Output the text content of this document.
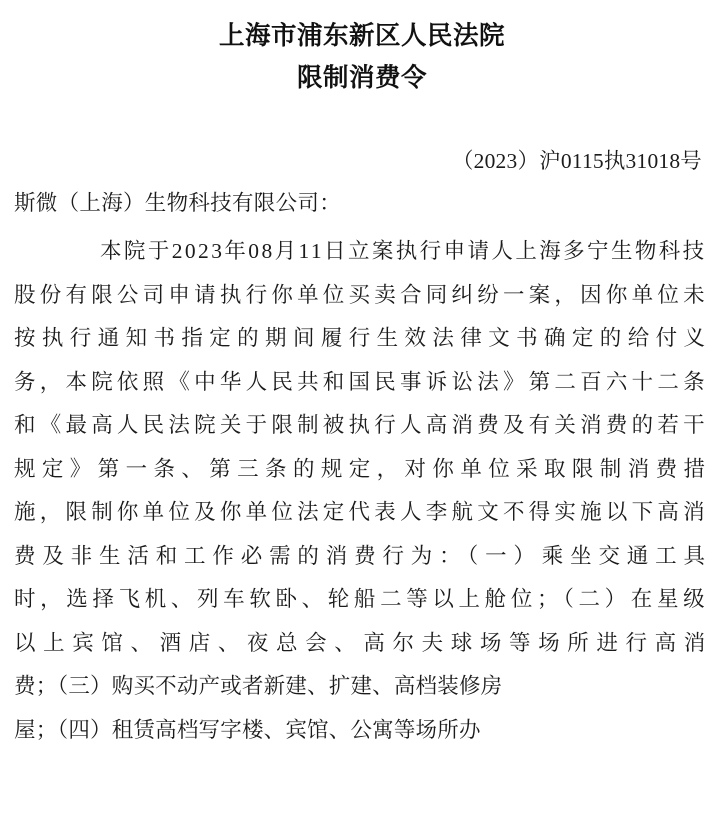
上海市浦东新区人民法院
限制消费令
（2023）沪0115执31018号
斯微（上海）生物科技有限公司：
本院于2023年08月11日立案执行申请人上海多宁生物科技
股份有限公司申请执行你单位买卖合同纠纷一案，因你单位未
按执行通知书指定的期间履行生效法律文书确定的给付义
务，本院依照《中华人民共和国民事诉讼法》第二百六十二条
和《最高人民法院关于限制被执行人高消费及有关消费的若干
规定》第一条、第三条的规定，对你单位采取限制消费措
施，限制你单位及你单位法定代表人李航文不得实施以下高消
费及非生活和工作必需的消费行为：（一）乘坐交通工具
时，选择飞机、列车软卧、轮船二等以上舱位；（二）在星级
以上宾馆、酒店、夜总会、高尔夫球场等场所进行高消
费；（三）购买不动产或者新建、扩建、高档装修房
屋；（四）租赁高档写字楼、宾馆、公寓等场所办
